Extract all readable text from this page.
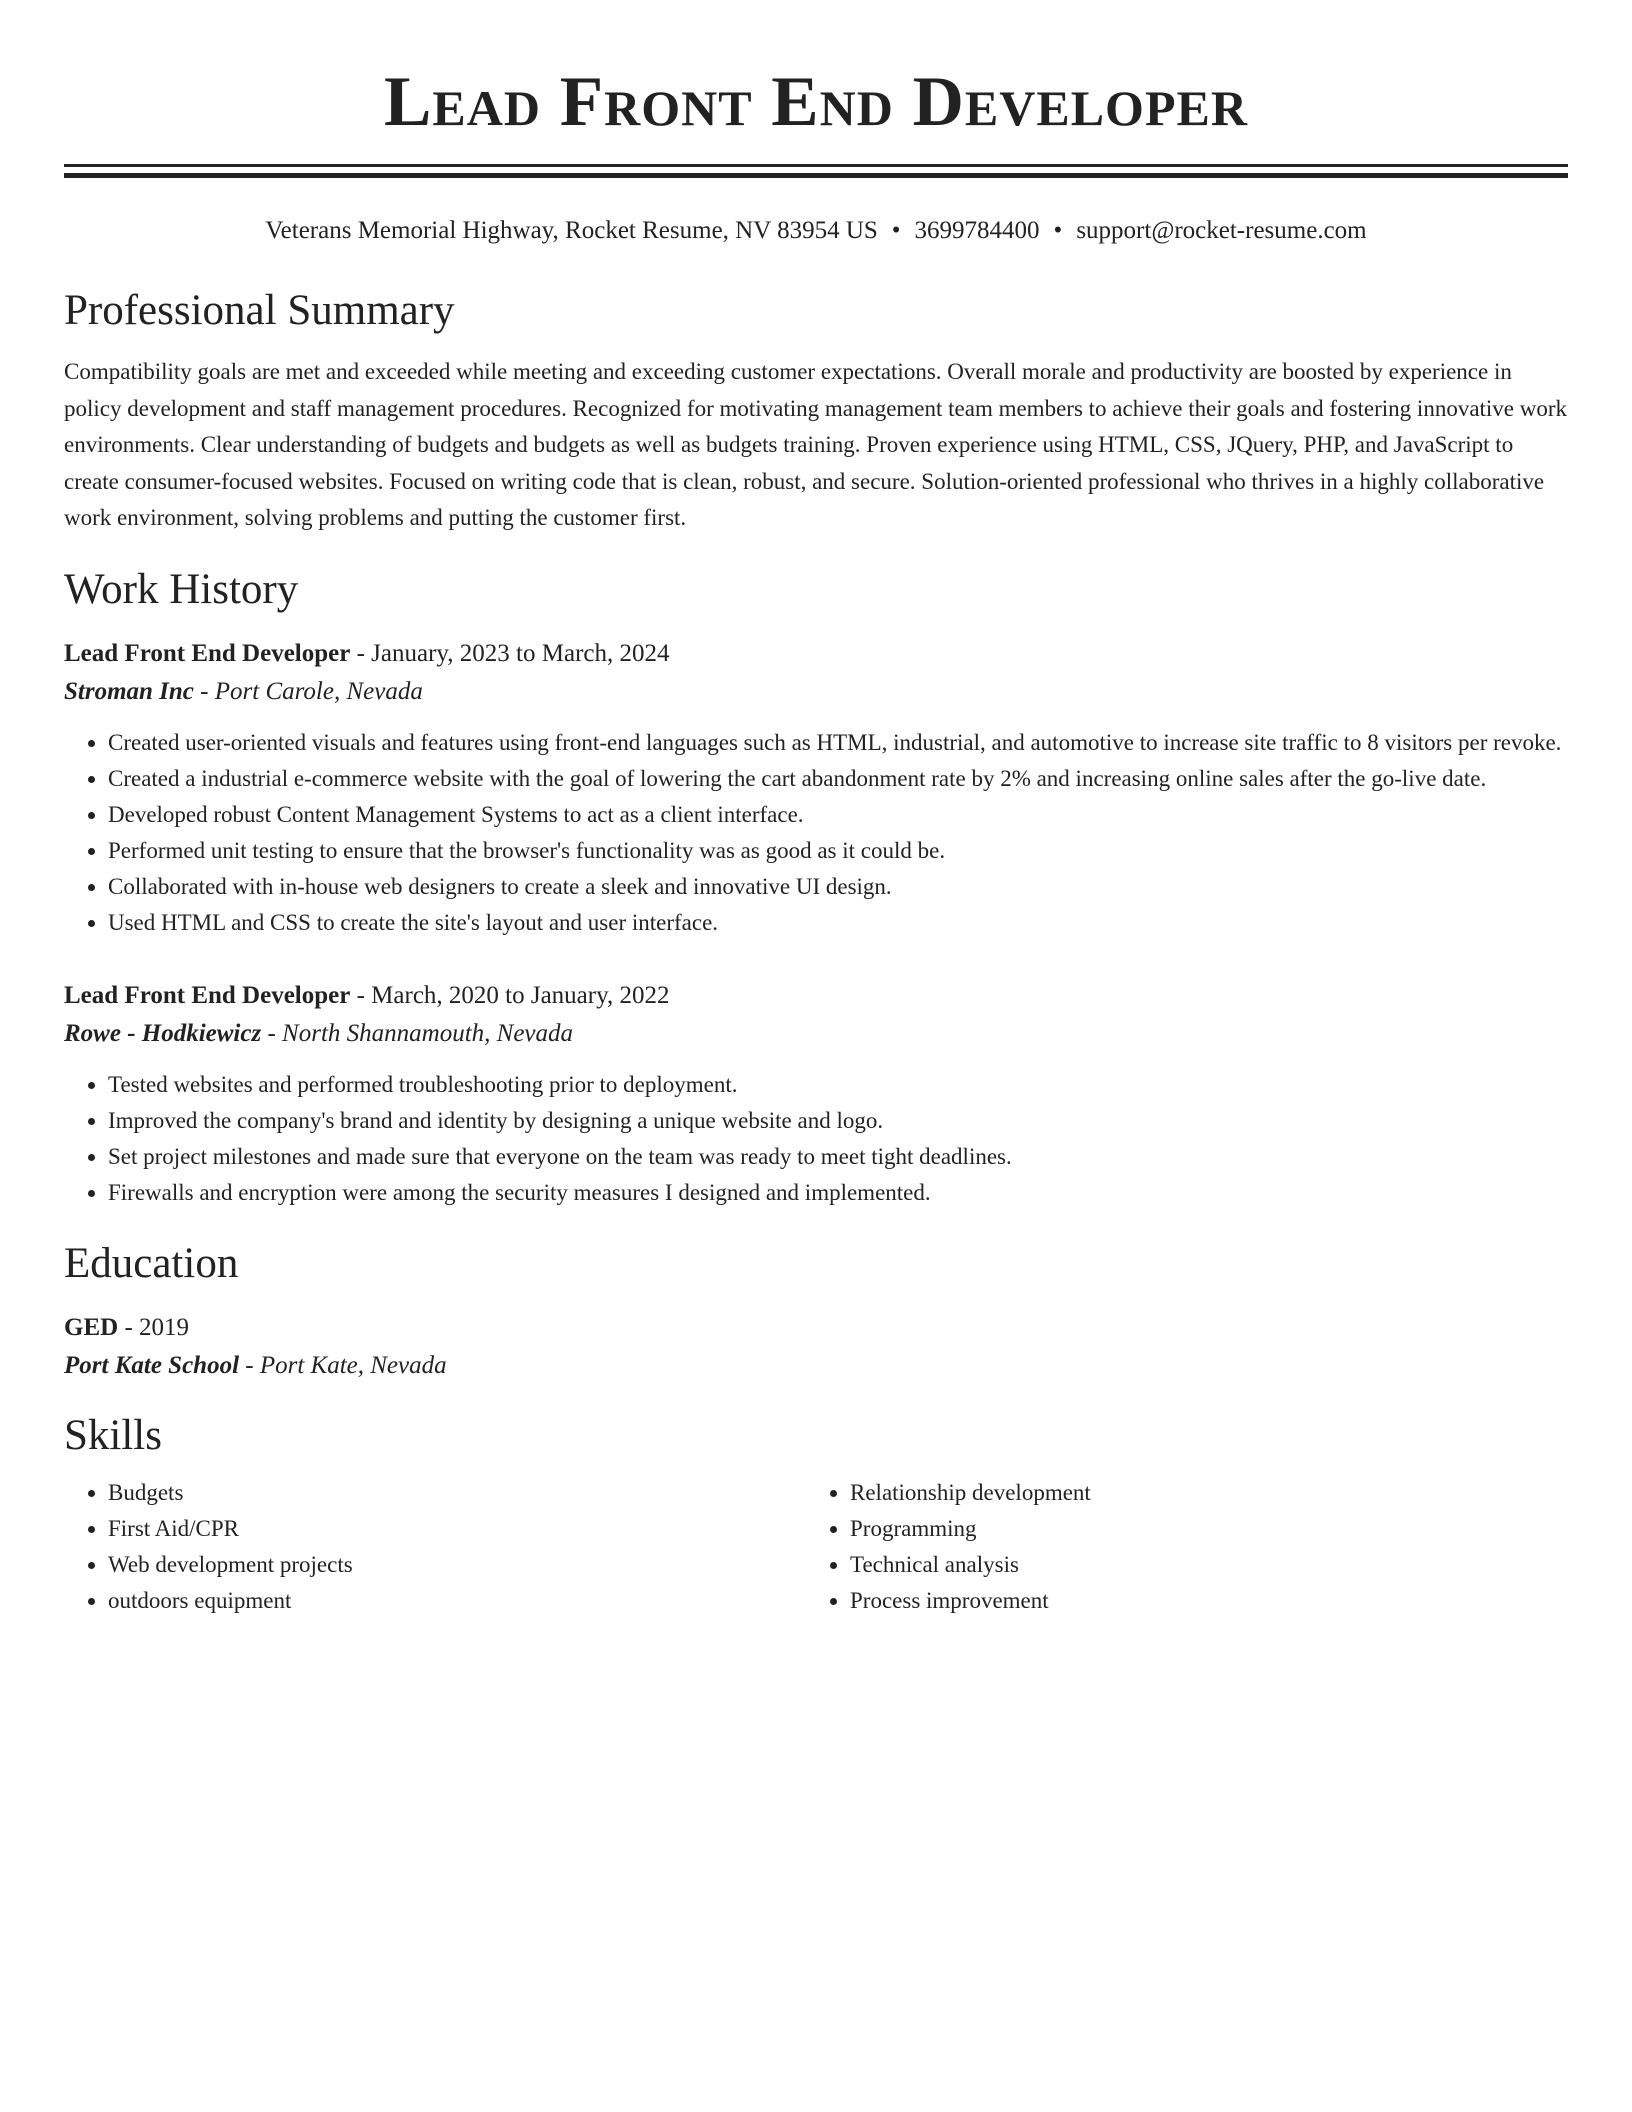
Lead Front End Developer
Veterans Memorial Highway, Rocket Resume, NV 83954 US • 3699784400 • support@rocket-resume.com
Professional Summary

Compatibility goals are met and exceeded while meeting and exceeding customer expectations. Overall morale and productivity are boosted by experience in policy development and staff management procedures. Recognized for motivating management team members to achieve their goals and fostering innovative work environments. Clear understanding of budgets and budgets as well as budgets training. Proven experience using HTML, CSS, JQuery, PHP, and JavaScript to create consumer-focused websites. Focused on writing code that is clean, robust, and secure. Solution-oriented professional who thrives in a highly collaborative work environment, solving problems and putting the customer first.

Work History
Lead Front End Developer - January, 2023 to March, 2024
Stroman Inc - Port Carole, Nevada
• Created user-oriented visuals and features using front-end languages such as HTML, industrial, and automotive to increase site traffic to 8 visitors per revoke.
• Created a industrial e-commerce website with the goal of lowering the cart abandonment rate by 2% and increasing online sales after the go-live date.
• Developed robust Content Management Systems to act as a client interface.
• Performed unit testing to ensure that the browser's functionality was as good as it could be.
• Collaborated with in-house web designers to create a sleek and innovative UI design.
• Used HTML and CSS to create the site's layout and user interface.
Lead Front End Developer - March, 2020 to January, 2022
Rowe - Hodkiewicz - North Shannamouth, Nevada
• Tested websites and performed troubleshooting prior to deployment.
• Improved the company's brand and identity by designing a unique website and logo.
• Set project milestones and made sure that everyone on the team was ready to meet tight deadlines.
• Firewalls and encryption were among the security measures I designed and implemented.
Education
GED - 2019
Port Kate School - Port Kate, Nevada
Skills
• Budgets
• First Aid/CPR
• Web development projects
• outdoors equipment
• Relationship development
• Programming
• Technical analysis
• Process improvement
